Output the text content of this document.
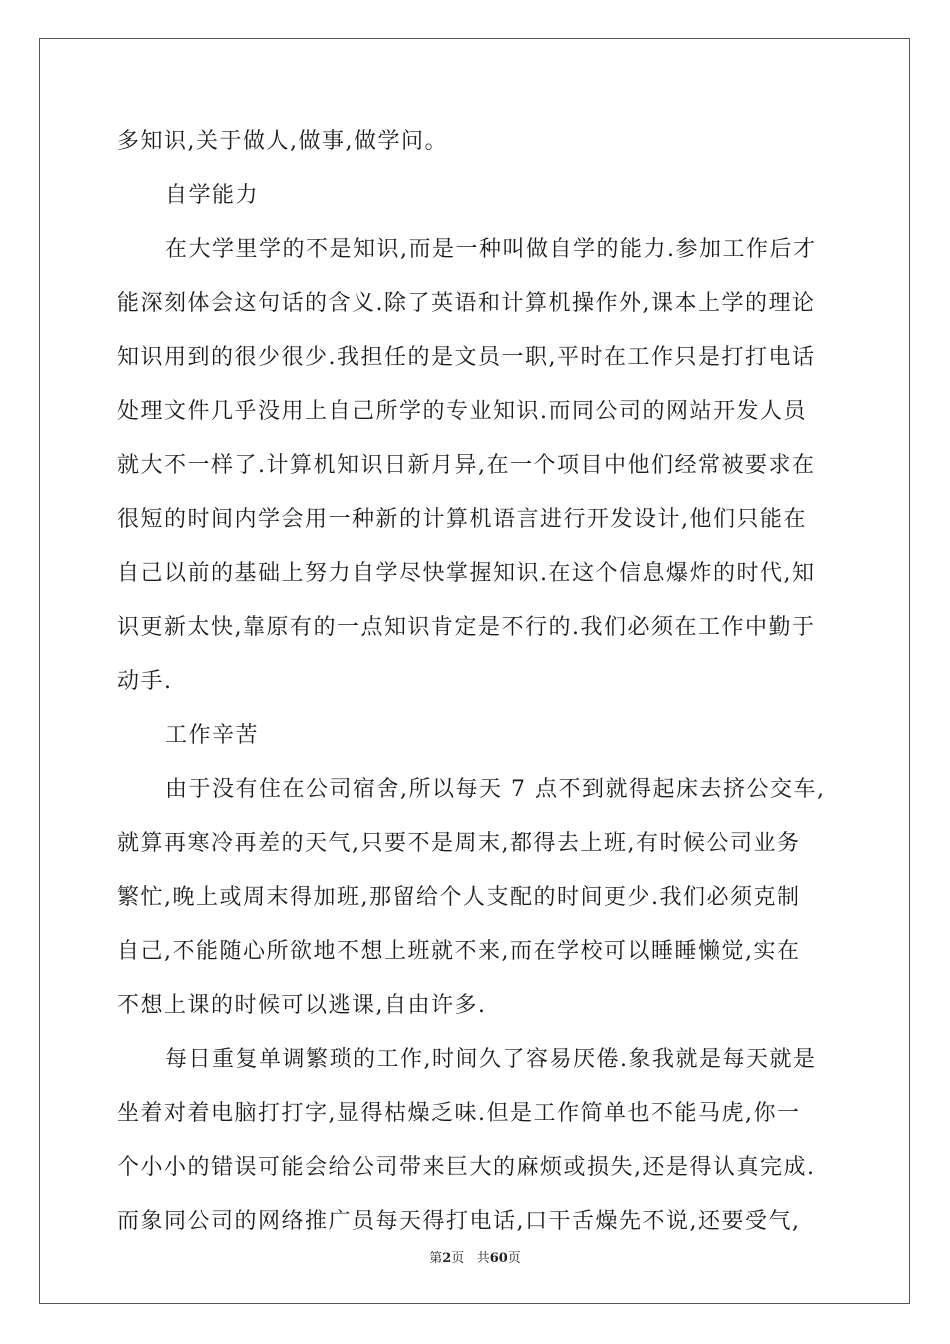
多知识,关于做人,做事,做学问。
自学能力
在大学里学的不是知识,而是一种叫做自学的能力.参加工作后才
能深刻体会这句话的含义.除了英语和计算机操作外,课本上学的理论
知识用到的很少很少.我担任的是文员一职,平时在工作只是打打电话
处理文件几乎没用上自己所学的专业知识.而同公司的网站开发人员
就大不一样了.计算机知识日新月异,在一个项目中他们经常被要求在
很短的时间内学会用一种新的计算机语言进行开发设计,他们只能在
自己以前的基础上努力自学尽快掌握知识.在这个信息爆炸的时代,知
识更新太快,靠原有的一点知识肯定是不行的.我们必须在工作中勤于
动手.
工作辛苦
由于没有住在公司宿舍,所以每天 7 点不到就得起床去挤公交车,
就算再寒冷再差的天气,只要不是周末,都得去上班,有时候公司业务
繁忙,晚上或周末得加班,那留给个人支配的时间更少.我们必须克制
自己,不能随心所欲地不想上班就不来,而在学校可以睡睡懒觉,实在
不想上课的时候可以逃课,自由许多.
每日重复单调繁琐的工作,时间久了容易厌倦.象我就是每天就是
坐着对着电脑打打字,显得枯燥乏味.但是工作简单也不能马虎,你一
个小小的错误可能会给公司带来巨大的麻烦或损失,还是得认真完成.
而象同公司的网络推广员每天得打电话,口干舌燥先不说,还要受气,
第2页 共60页
